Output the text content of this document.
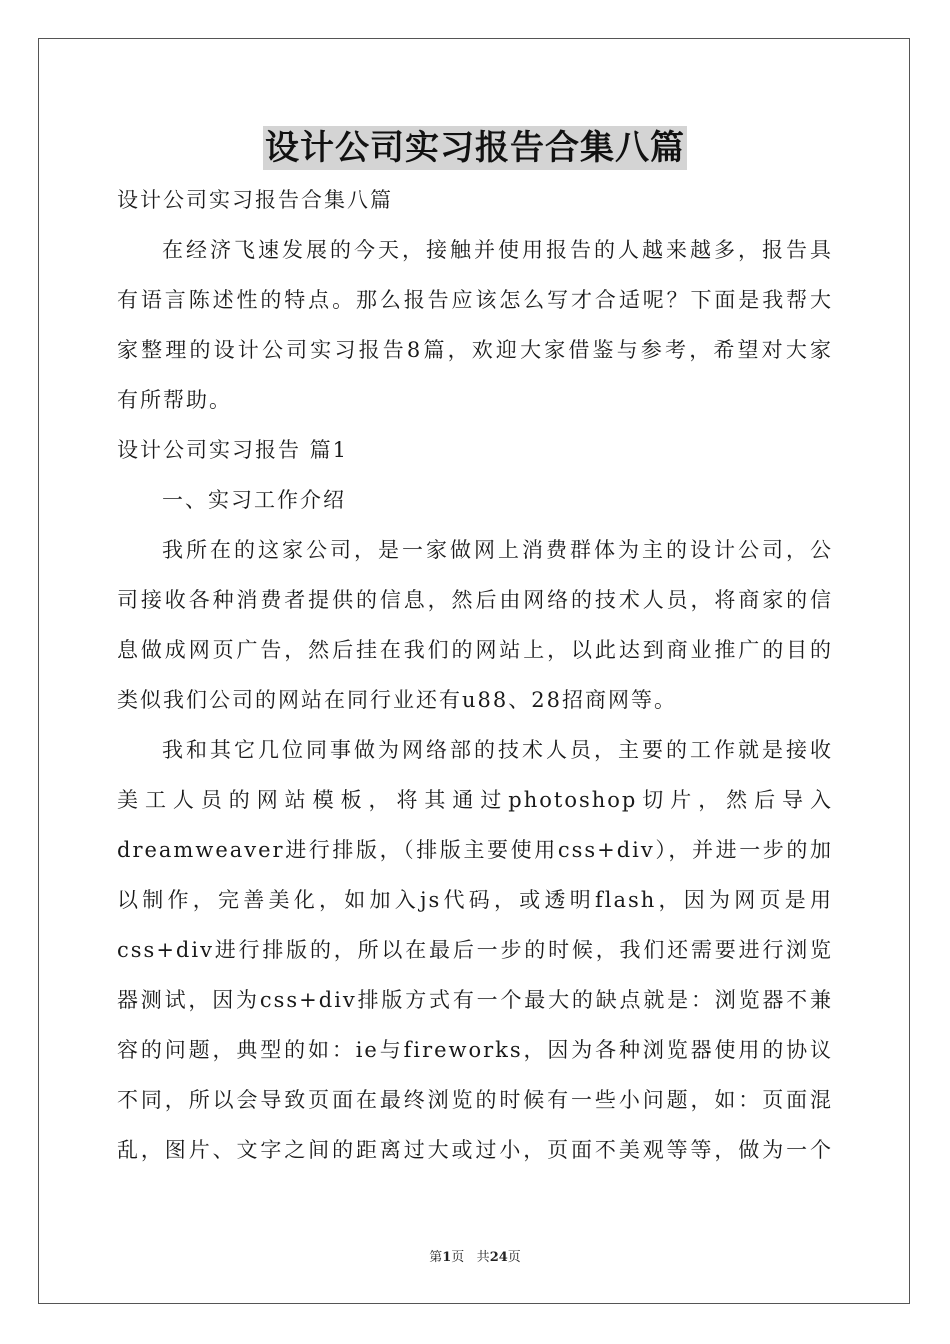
设计公司实习报告合集八篇
设计公司实习报告合集八篇
在经济飞速发展的今天，接触并使用报告的人越来越多，报告具
有语言陈述性的特点。那么报告应该怎么写才合适呢？下面是我帮大
家整理的设计公司实习报告8篇，欢迎大家借鉴与参考，希望对大家
有所帮助。
设计公司实习报告 篇1
一、实习工作介绍
我所在的这家公司，是一家做网上消费群体为主的设计公司，公
司接收各种消费者提供的信息，然后由网络的技术人员，将商家的信
息做成网页广告，然后挂在我们的网站上，以此达到商业推广的目的
类似我们公司的网站在同行业还有u88、28招商网等。
我和其它几位同事做为网络部的技术人员，主要的工作就是接收
美工人员的网站模板，将其通过photoshop切片，然后导入
dreamweaver进行排版，（排版主要使用css+div），并进一步的加
以制作，完善美化，如加入js代码，或透明flash，因为网页是用
css+div进行排版的，所以在最后一步的时候，我们还需要进行浏览
器测试，因为css+div排版方式有一个最大的缺点就是：浏览器不兼
容的问题，典型的如：ie与fireworks，因为各种浏览器使用的协议
不同，所以会导致页面在最终浏览的时候有一些小问题，如：页面混
乱，图片、文字之间的距离过大或过小，页面不美观等等，做为一个
第1页 共24页
